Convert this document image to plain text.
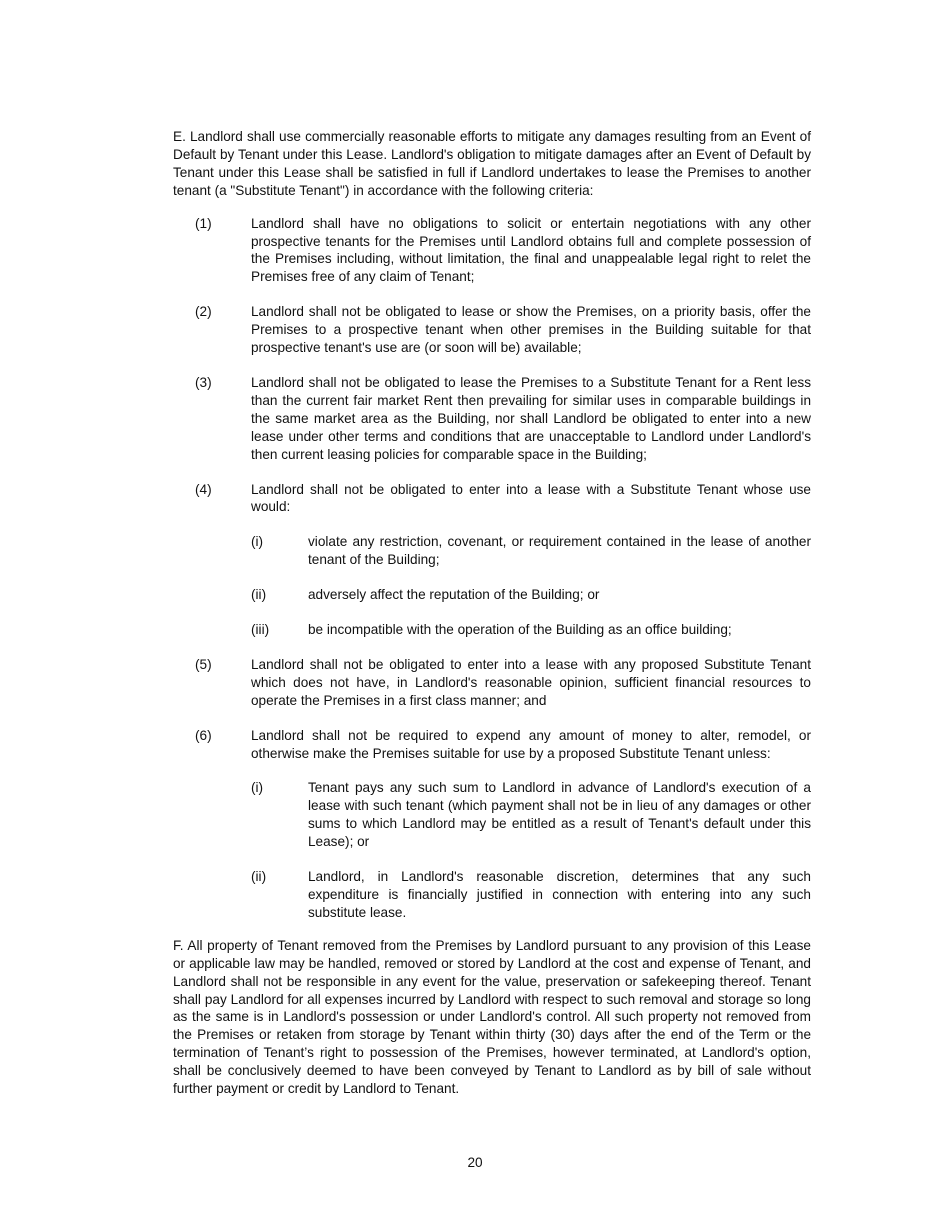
E. Landlord shall use commercially reasonable efforts to mitigate any damages resulting from an Event of Default by Tenant under this Lease. Landlord's obligation to mitigate damages after an Event of Default by Tenant under this Lease shall be satisfied in full if Landlord undertakes to lease the Premises to another tenant (a "Substitute Tenant") in accordance with the following criteria:

(1)	Landlord shall have no obligations to solicit or entertain negotiations with any other prospective tenants for the Premises until Landlord obtains full and complete possession of the Premises including, without limitation, the final and unappealable legal right to relet the Premises free of any claim of Tenant;

(2)	Landlord shall not be obligated to lease or show the Premises, on a priority basis, offer the Premises to a prospective tenant when other premises in the Building suitable for that prospective tenant's use are (or soon will be) available;

(3)	Landlord shall not be obligated to lease the Premises to a Substitute Tenant for a Rent less than the current fair market Rent then prevailing for similar uses in comparable buildings in the same market area as the Building, nor shall Landlord be obligated to enter into a new lease under other terms and conditions that are unacceptable to Landlord under Landlord's then current leasing policies for comparable space in the Building;

(4)	Landlord shall not be obligated to enter into a lease with a Substitute Tenant whose use would:

(i)	violate any restriction, covenant, or requirement contained in the lease of another tenant of the Building;

(ii)	adversely affect the reputation of the Building; or

(iii)	be incompatible with the operation of the Building as an office building;

(5)	Landlord shall not be obligated to enter into a lease with any proposed Substitute Tenant which does not have, in Landlord's reasonable opinion, sufficient financial resources to operate the Premises in a first class manner; and

(6)	Landlord shall not be required to expend any amount of money to alter, remodel, or otherwise make the Premises suitable for use by a proposed Substitute Tenant unless:

(i)	Tenant pays any such sum to Landlord in advance of Landlord's execution of a lease with such tenant (which payment shall not be in lieu of any damages or other sums to which Landlord may be entitled as a result of Tenant's default under this Lease); or

(ii)	Landlord, in Landlord's reasonable discretion, determines that any such expenditure is financially justified in connection with entering into any such substitute lease.

F. All property of Tenant removed from the Premises by Landlord pursuant to any provision of this Lease or applicable law may be handled, removed or stored by Landlord at the cost and expense of Tenant, and Landlord shall not be responsible in any event for the value, preservation or safekeeping thereof. Tenant shall pay Landlord for all expenses incurred by Landlord with respect to such removal and storage so long as the same is in Landlord's possession or under Landlord's control. All such property not removed from the Premises or retaken from storage by Tenant within thirty (30) days after the end of the Term or the termination of Tenant’s right to possession of the Premises, however terminated, at Landlord's option, shall be conclusively deemed to have been conveyed by Tenant to Landlord as by bill of sale without further payment or credit by Landlord to Tenant.

20
